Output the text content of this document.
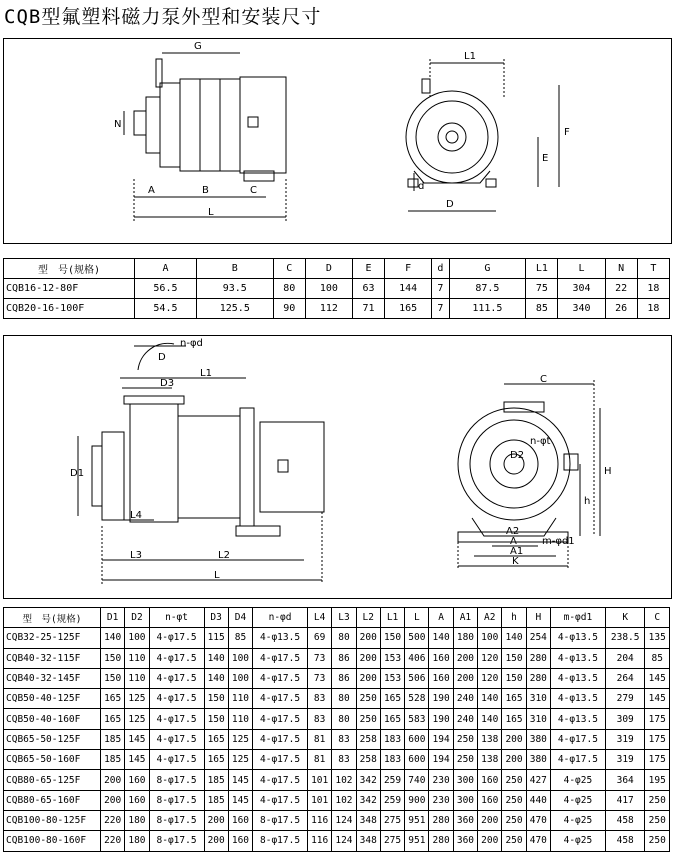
CQB型氟塑料磁力泵外型和安装尺寸
G
N
A	B	C
L
L1
F
E
d
D
型　号(规格)	A	B	C	D	E	F	d	G	L1	L	N	T
CQB16-12-80F	56.5	93.5	80	100	63	144	7	87.5	75	304	22	18
CQB20-16-100F	54.5	125.5	90	112	71	165	7	111.5	85	340	26	18
D
n-φd
D3
L1
D1
L4
L3	L2
L
C
n-φt
D2
H
h
A2
A	m-φd1
A1
K
型　号(规格)	D1	D2	n-φt	D3	D4	n-φd	L4	L3	L2	L1	L	A	A1	A2	h	H	m-φd1	K	C
CQB32-25-125F	140	100	4-φ17.5	115	85	4-φ13.5	69	80	200	150	500	140	180	100	140	254	4-φ13.5	238.5	135
CQB40-32-115F	150	110	4-φ17.5	140	100	4-φ17.5	73	86	200	153	406	160	200	120	150	280	4-φ13.5	204	85
CQB40-32-145F	150	110	4-φ17.5	140	100	4-φ17.5	73	86	200	153	506	160	200	120	150	280	4-φ13.5	264	145
CQB50-40-125F	165	125	4-φ17.5	150	110	4-φ17.5	83	80	250	165	528	190	240	140	165	310	4-φ13.5	279	145
CQB50-40-160F	165	125	4-φ17.5	150	110	4-φ17.5	83	80	250	165	583	190	240	140	165	310	4-φ13.5	309	175
CQB65-50-125F	185	145	4-φ17.5	165	125	4-φ17.5	81	83	258	183	600	194	250	138	200	380	4-φ17.5	319	175
CQB65-50-160F	185	145	4-φ17.5	165	125	4-φ17.5	81	83	258	183	600	194	250	138	200	380	4-φ17.5	319	175
CQB80-65-125F	200	160	8-φ17.5	185	145	4-φ17.5	101	102	342	259	740	230	300	160	250	427	4-φ25	364	195
CQB80-65-160F	200	160	8-φ17.5	185	145	4-φ17.5	101	102	342	259	900	230	300	160	250	440	4-φ25	417	250
CQB100-80-125F	220	180	8-φ17.5	200	160	8-φ17.5	116	124	348	275	951	280	360	200	250	470	4-φ25	458	250
CQB100-80-160F	220	180	8-φ17.5	200	160	8-φ17.5	116	124	348	275	951	280	360	200	250	470	4-φ25	458	250
